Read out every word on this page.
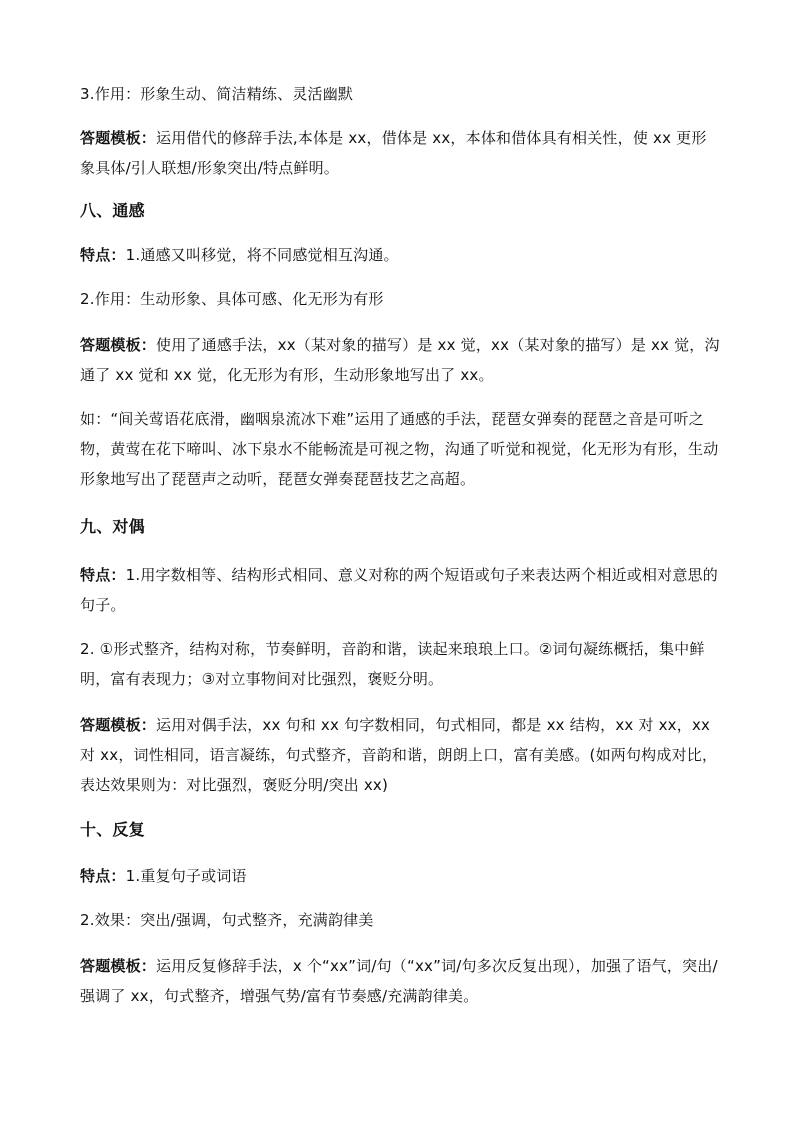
3.作用：形象生动、简洁精练、灵活幽默

答题模板：运用借代的修辞手法,本体是 xx，借体是 xx，本体和借体具有相关性，使 xx 更形象具体/引人联想/形象突出/特点鲜明。

八、通感

特点：1.通感又叫移觉，将不同感觉相互沟通。

2.作用：生动形象、具体可感、化无形为有形

答题模板：使用了通感手法，xx（某对象的描写）是 xx 觉，xx（某对象的描写）是 xx 觉，沟通了 xx 觉和 xx 觉，化无形为有形，生动形象地写出了 xx。

如：“间关莺语花底滑，幽咽泉流冰下难”运用了通感的手法，琵琶女弹奏的琵琶之音是可听之物，黄莺在花下啼叫、冰下泉水不能畅流是可视之物，沟通了听觉和视觉，化无形为有形，生动形象地写出了琵琶声之动听，琵琶女弹奏琵琶技艺之高超。

九、对偶

特点：1.用字数相等、结构形式相同、意义对称的两个短语或句子来表达两个相近或相对意思的句子。

2. ①形式整齐，结构对称，节奏鲜明，音韵和谐，读起来琅琅上口。②词句凝练概括，集中鲜明，富有表现力；③对立事物间对比强烈，褒贬分明。

答题模板：运用对偶手法，xx 句和 xx 句字数相同，句式相同，都是 xx 结构，xx 对 xx，xx 对 xx，词性相同，语言凝练，句式整齐，音韵和谐，朗朗上口，富有美感。(如两句构成对比，表达效果则为：对比强烈，褒贬分明/突出 xx)

十、反复

特点：1.重复句子或词语

2.效果：突出/强调，句式整齐，充满韵律美

答题模板：运用反复修辞手法，x 个“xx”词/句（“xx”词/句多次反复出现），加强了语气，突出/强调了 xx，句式整齐，增强气势/富有节奏感/充满韵律美。
